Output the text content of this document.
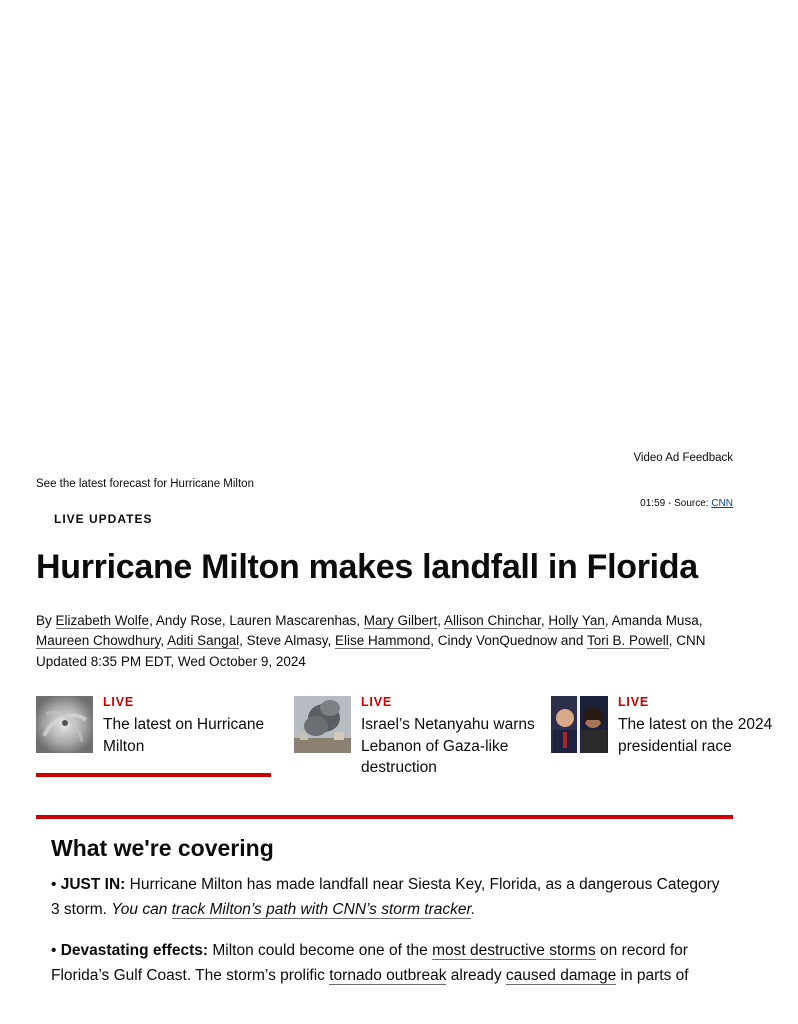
Video Ad Feedback
See the latest forecast for Hurricane Milton
01:59 - Source: CNN
LIVE UPDATES
Hurricane Milton makes landfall in Florida
By Elizabeth Wolfe, Andy Rose, Lauren Mascarenhas, Mary Gilbert, Allison Chinchar, Holly Yan, Amanda Musa, Maureen Chowdhury, Aditi Sangal, Steve Almasy, Elise Hammond, Cindy VonQuednow and Tori B. Powell, CNN
Updated 8:35 PM EDT, Wed October 9, 2024
LIVE
The latest on Hurricane Milton
LIVE
Israel’s Netanyahu warns Lebanon of Gaza-like destruction
LIVE
The latest on the 2024 presidential race
What we're covering

• JUST IN: Hurricane Milton has made landfall near Siesta Key, Florida, as a dangerous Category 3 storm. You can track Milton’s path with CNN’s storm tracker.

• Devastating effects: Milton could become one of the most destructive storms on record for Florida’s Gulf Coast. The storm’s prolific tornado outbreak already caused damage in parts of
